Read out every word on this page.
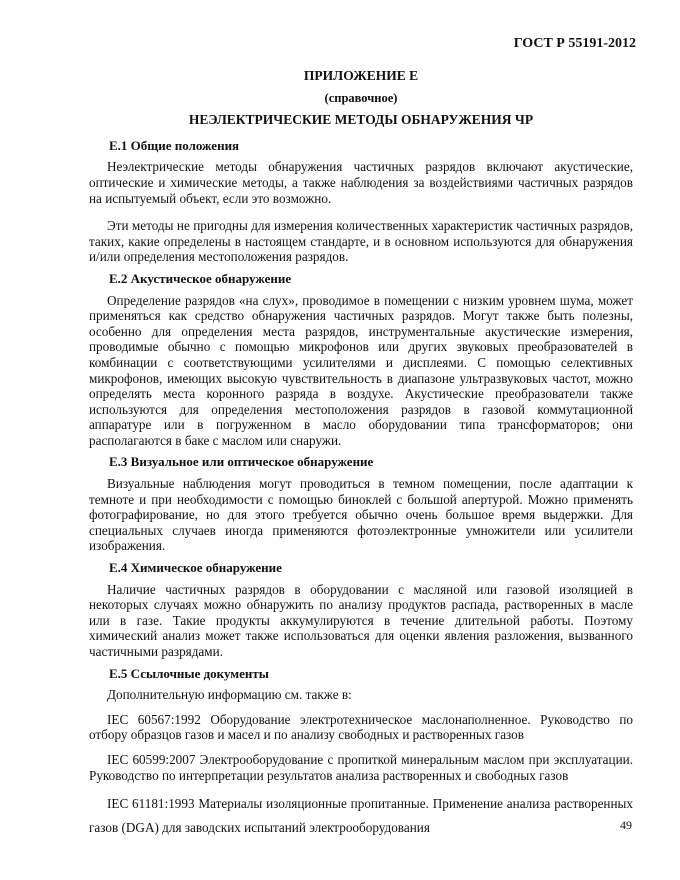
ГОСТ Р 55191-2012
ПРИЛОЖЕНИЕ Е
(справочное)
НЕЭЛЕКТРИЧЕСКИЕ МЕТОДЫ ОБНАРУЖЕНИЯ ЧР
Е.1 Общие положения

Неэлектрические методы обнаружения частичных разрядов включают акустические, оптические и химические методы, а также наблюдения за воздействиями частичных разрядов на испытуемый объект, если это возможно.

Эти методы не пригодны для измерения количественных характеристик частичных разрядов, таких, какие определены в настоящем стандарте, и в основном используются для обнаружения и/или определения местоположения разрядов.

Е.2 Акустическое обнаружение

Определение разрядов «на слух», проводимое в помещении с низким уровнем шума, может применяться как средство обнаружения частичных разрядов. Могут также быть полезны, особенно для определения места разрядов, инструментальные акустические измерения, проводимые обычно с помощью микрофонов или других звуковых преобразователей в комбинации с соответствующими усилителями и дисплеями. С помощью селективных микрофонов, имеющих высокую чувствительность в диапазоне ультразвуковых частот, можно определять места коронного разряда в воздухе. Акустические преобразователи также используются для определения местоположения разрядов в газовой коммутационной аппаратуре или в погруженном в масло оборудовании типа трансформаторов; они располагаются в баке с маслом или снаружи.

Е.3 Визуальное или оптическое обнаружение

Визуальные наблюдения могут проводиться в темном помещении, после адаптации к темноте и при необходимости с помощью биноклей с большой апертурой. Можно применять фотографирование, но для этого требуется обычно очень большое время выдержки. Для специальных случаев иногда применяются фотоэлектронные умножители или усилители изображения.

Е.4 Химическое обнаружение

Наличие частичных разрядов в оборудовании с масляной или газовой изоляцией в некоторых случаях можно обнаружить по анализу продуктов распада, растворенных в масле или в газе. Такие продукты аккумулируются в течение длительной работы. Поэтому химический анализ может также использоваться для оценки явления разложения, вызванного частичными разрядами.

Е.5 Ссылочные документы

Дополнительную информацию см. также в:

IEC 60567:1992 Оборудование электротехническое маслонаполненное. Руководство по отбору образцов газов и масел и по анализу свободных и растворенных газов

IEC 60599:2007 Электрооборудование с пропиткой минеральным маслом при эксплуатации. Руководство по интерпретации результатов анализа растворенных и свободных газов

IEC 61181:1993 Материалы изоляционные пропитанные. Применение анализа растворенных газов (DGA) для заводских испытаний электрооборудования	49
